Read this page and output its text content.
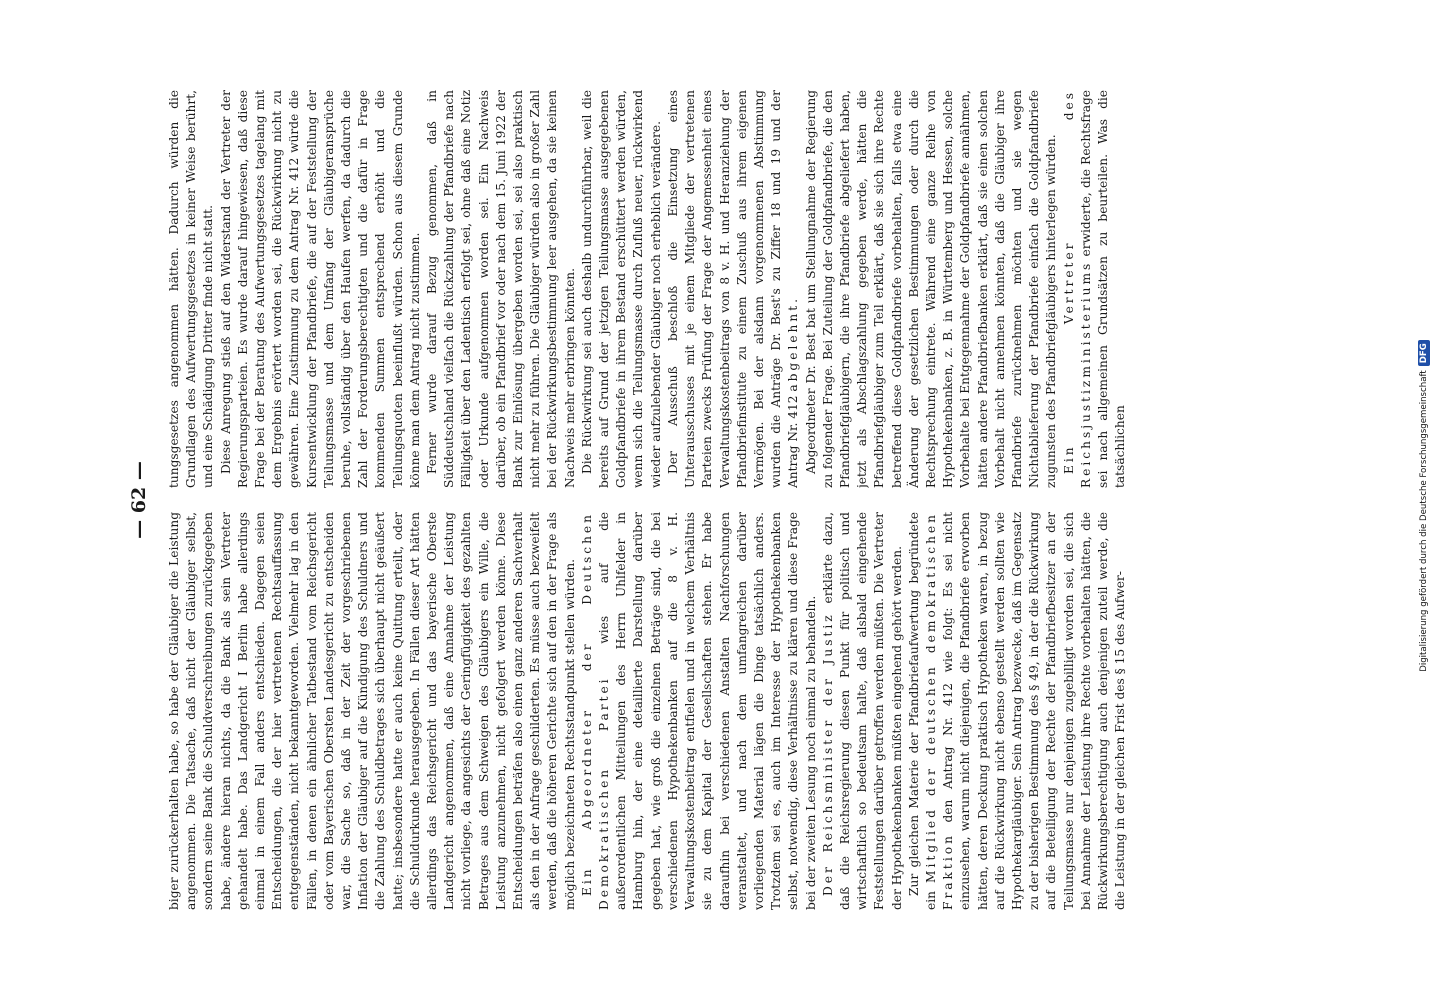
— 62 —

biger zurückerhalten habe, so habe der Gläubiger die Leistung angenommen. Die Tatsache, daß nicht der Gläubiger selbst, sondern seine Bank die Schuldverschreibungen zurückgegeben habe, ändere hieran nichts, da die Bank als sein Vertreter gehandelt habe. Das Landgericht I Berlin habe allerdings einmal in einem Fall anders entschieden. Dagegen seien Entscheidungen, die der hier vertretenen Rechtsauffassung entgegenständen, nicht bekanntgeworden. Vielmehr lag in den Fällen, in denen ein ähnlicher Tatbestand vom Reichsgericht oder vom Bayerischen Obersten Landesgericht zu entscheiden war, die Sache so, daß in der Zeit der vorgeschriebenen Infiation der Gläubiger auf die Kündigung des Schuldners und die Zahlung des Schuldbetrages sich überhaupt nicht geäußert hatte; insbesondere hatte er auch keine Quittung erteilt, oder die Schuldurkunde herausgegeben. In Fällen dieser Art hätten allerdings das Reichsgericht und das bayerische Oberste Landgericht angenommen, daß eine Annahme der Leistung nicht vorliege, da angesichts der Geringfügigkeit des gezahlten Betrages aus dem Schweigen des Gläubigers ein Wille, die Leistung anzunehmen, nicht gefolgert werden könne. Diese Entscheidungen beträfen also einen ganz anderen Sachverhalt als den in der Anfrage geschilderten. Es müsse auch bezweifelt werden, daß die höheren Gerichte sich auf den in der Frage als möglich bezeichneten Rechtsstandpunkt stellen würden. Ein Abgeordneter der Deutschen Demokratischen Partei wies auf die außerordentlichen Mitteilungen des Herrn Uhlfelder in Hamburg hin, der eine detaillierte Darstellung darüber gegeben hat, wie groß die einzelnen Beträge sind, die bei verschiedenen Hypothekenbanken auf die 8 v. H. Verwaltungskostenbeitrag entfielen und in welchem Verhältnis sie zu dem Kapital der Gesellschaften stehen. Er habe daraufhin bei verschiedenen Anstalten Nachforschungen veranstaltet, und nach dem umfangreichen darüber vorliegenden Material lägen die Dinge tatsächlich anders. Trotzdem sei es, auch im Interesse der Hypothekenbanken selbst, notwendig, diese Verhältnisse zu klären und diese Frage bei der zweiten Lesung noch einmal zu behandeln. Der Reichsminister der Justiz erklärte dazu, daß die Reichsregierung diesen Punkt für politisch und wirtschaftlich so bedeutsam halte, daß alsbald eingehende Feststellungen darüber getroffen werden müßten. Die Vertreter der Hypothekenbanken müßten eingehend gehört werden. Zur gleichen Materie der Pfandbriefaufwertung begründete ein Mitglied der deutschen demokratischen Fraktion den Antrag Nr. 412 wie folgt: Es sei nicht einzusehen, warum nicht diejenigen, die Pfandbriefe erworben hätten, deren Deckung praktisch Hypotheken waren, in bezug auf die Rückwirkung nicht ebenso gestellt werden sollten wie Hypothekargläubiger. Sein Antrag bezwecke, daß im Gegensatz zu der bisherigen Bestimmung des § 49, in der die Rückwirkung auf die Beteiligung der Rechte der Pfandbriefbesitzer an der Teilungsmasse nur denjenigen zugebilligt worden sei, die sich bei Annahme der Leistung ihre Rechte vorbehalten hätten, die Rückwirkungsberechtigung auch denjenigen zuteil werde, die die Leistung in der gleichen Frist des § 15 des Aufwer-

tungsgesetzes angenommen hätten. Dadurch würden die Grundlagen des Aufwertungsgesetzes in keiner Weise berührt, und eine Schädigung Dritter finde nicht statt. Diese Anregung stieß auf den Widerstand der Vertreter der Regierungsparteien. Es wurde darauf hingewiesen, daß diese Frage bei der Beratung des Aufwertungsgesetzes tagelang mit dem Ergebnis erörtert worden sei, die Rückwirkung nicht zu gewähren. Eine Zustimmung zu dem Antrag Nr. 412 würde die Kursentwicklung der Pfandbriefe, die auf der Feststellung der Teilungsmasse und dem Umfang der Gläubigeransprüche beruhe, vollständig über den Haufen werfen, da dadurch die Zahl der Forderungsberechtigten und die dafür in Frage kommenden Summen entsprechend erhöht und die Teilungsquoten beeinflußt würden. Schon aus diesem Grunde könne man dem Antrag nicht zustimmen. Ferner wurde darauf Bezug genommen, daß in Süddeutschland vielfach die Rückzahlung der Pfandbriefe nach Fälligkeit über den Ladentisch erfolgt sei, ohne daß eine Notiz oder Urkunde aufgenommen worden sei. Ein Nachweis darüber, ob ein Pfandbrief vor oder nach dem 15. Juni 1922 der Bank zur Einlösung übergeben worden sei, sei also praktisch nicht mehr zu führen. Die Gläubiger würden also in großer Zahl bei der Rückwirkungsbestimmung leer ausgehen, da sie keinen Nachweis mehr erbringen könnten. Die Rückwirkung sei auch deshalb undurchführbar, weil die bereits auf Grund der jetzigen Teilungsmasse ausgegebenen Goldpfandbriefe in ihrem Bestand erschüttert werden würden, wenn sich die Teilungsmasse durch Zufluß neuer, rückwirkend wieder aufzulebender Gläubiger noch erheblich verändere. Der Ausschuß beschloß die Einsetzung eines Unterausschusses mit je einem Mitgliede der vertretenen Parteien zwecks Prüfung der Frage der Angemessenheit eines Verwaltungskostenbeitrags von 8 v. H. und Heranziehung der Pfandbriefinstitute zu einem Zuschuß aus ihrem eigenen Vermögen. Bei der alsdann vorgenommenen Abstimmung wurden die Anträge Dr. Best's zu Ziffer 18 und 19 und der Antrag Nr. 412 abgelehnt. Abgeordneter Dr. Best bat um Stellungnahme der Regierung zu folgender Frage. Bei Zuteilung der Goldpfandbriefe, die den Pfandbriefgläubigern, die ihre Pfandbriefe abgeliefert haben, jetzt als Abschlagszahlung gegeben werde, hätten die Pfandbriefgläubiger zum Teil erklärt, daß sie sich ihre Rechte betreffend diese Goldpfandbriefe vorbehalten, falls etwa eine Änderung der gesetzlichen Bestimmungen oder durch die Rechtsprechung eintrete. Während eine ganze Reihe von Hypothekenbanken, z. B. in Württemberg und Hessen, solche Vorbehalte bei Entgegennahme der Goldpfandbriefe annähmen, hätten andere Pfandbriefbanken erklärt, daß sie einen solchen Vorbehalt nicht annehmen könnten, daß die Gläubiger ihre Pfandbriefe zurücknehmen möchten und sie wegen Nichtablieferung der Pfandbriefe einfach die Goldpfandbriefe zugunsten des Pfandbriefgläubigers hinterlegen würden. Ein Vertreter des Reichsjustizministeriums erwiderte, die Rechtsfrage sei nach allgemeinen Grundsätzen zu beurteilen. Was die tatsächlichen	Digitalisierung gefördert durch die Deutsche ForschungsgemeinschaftDFG
